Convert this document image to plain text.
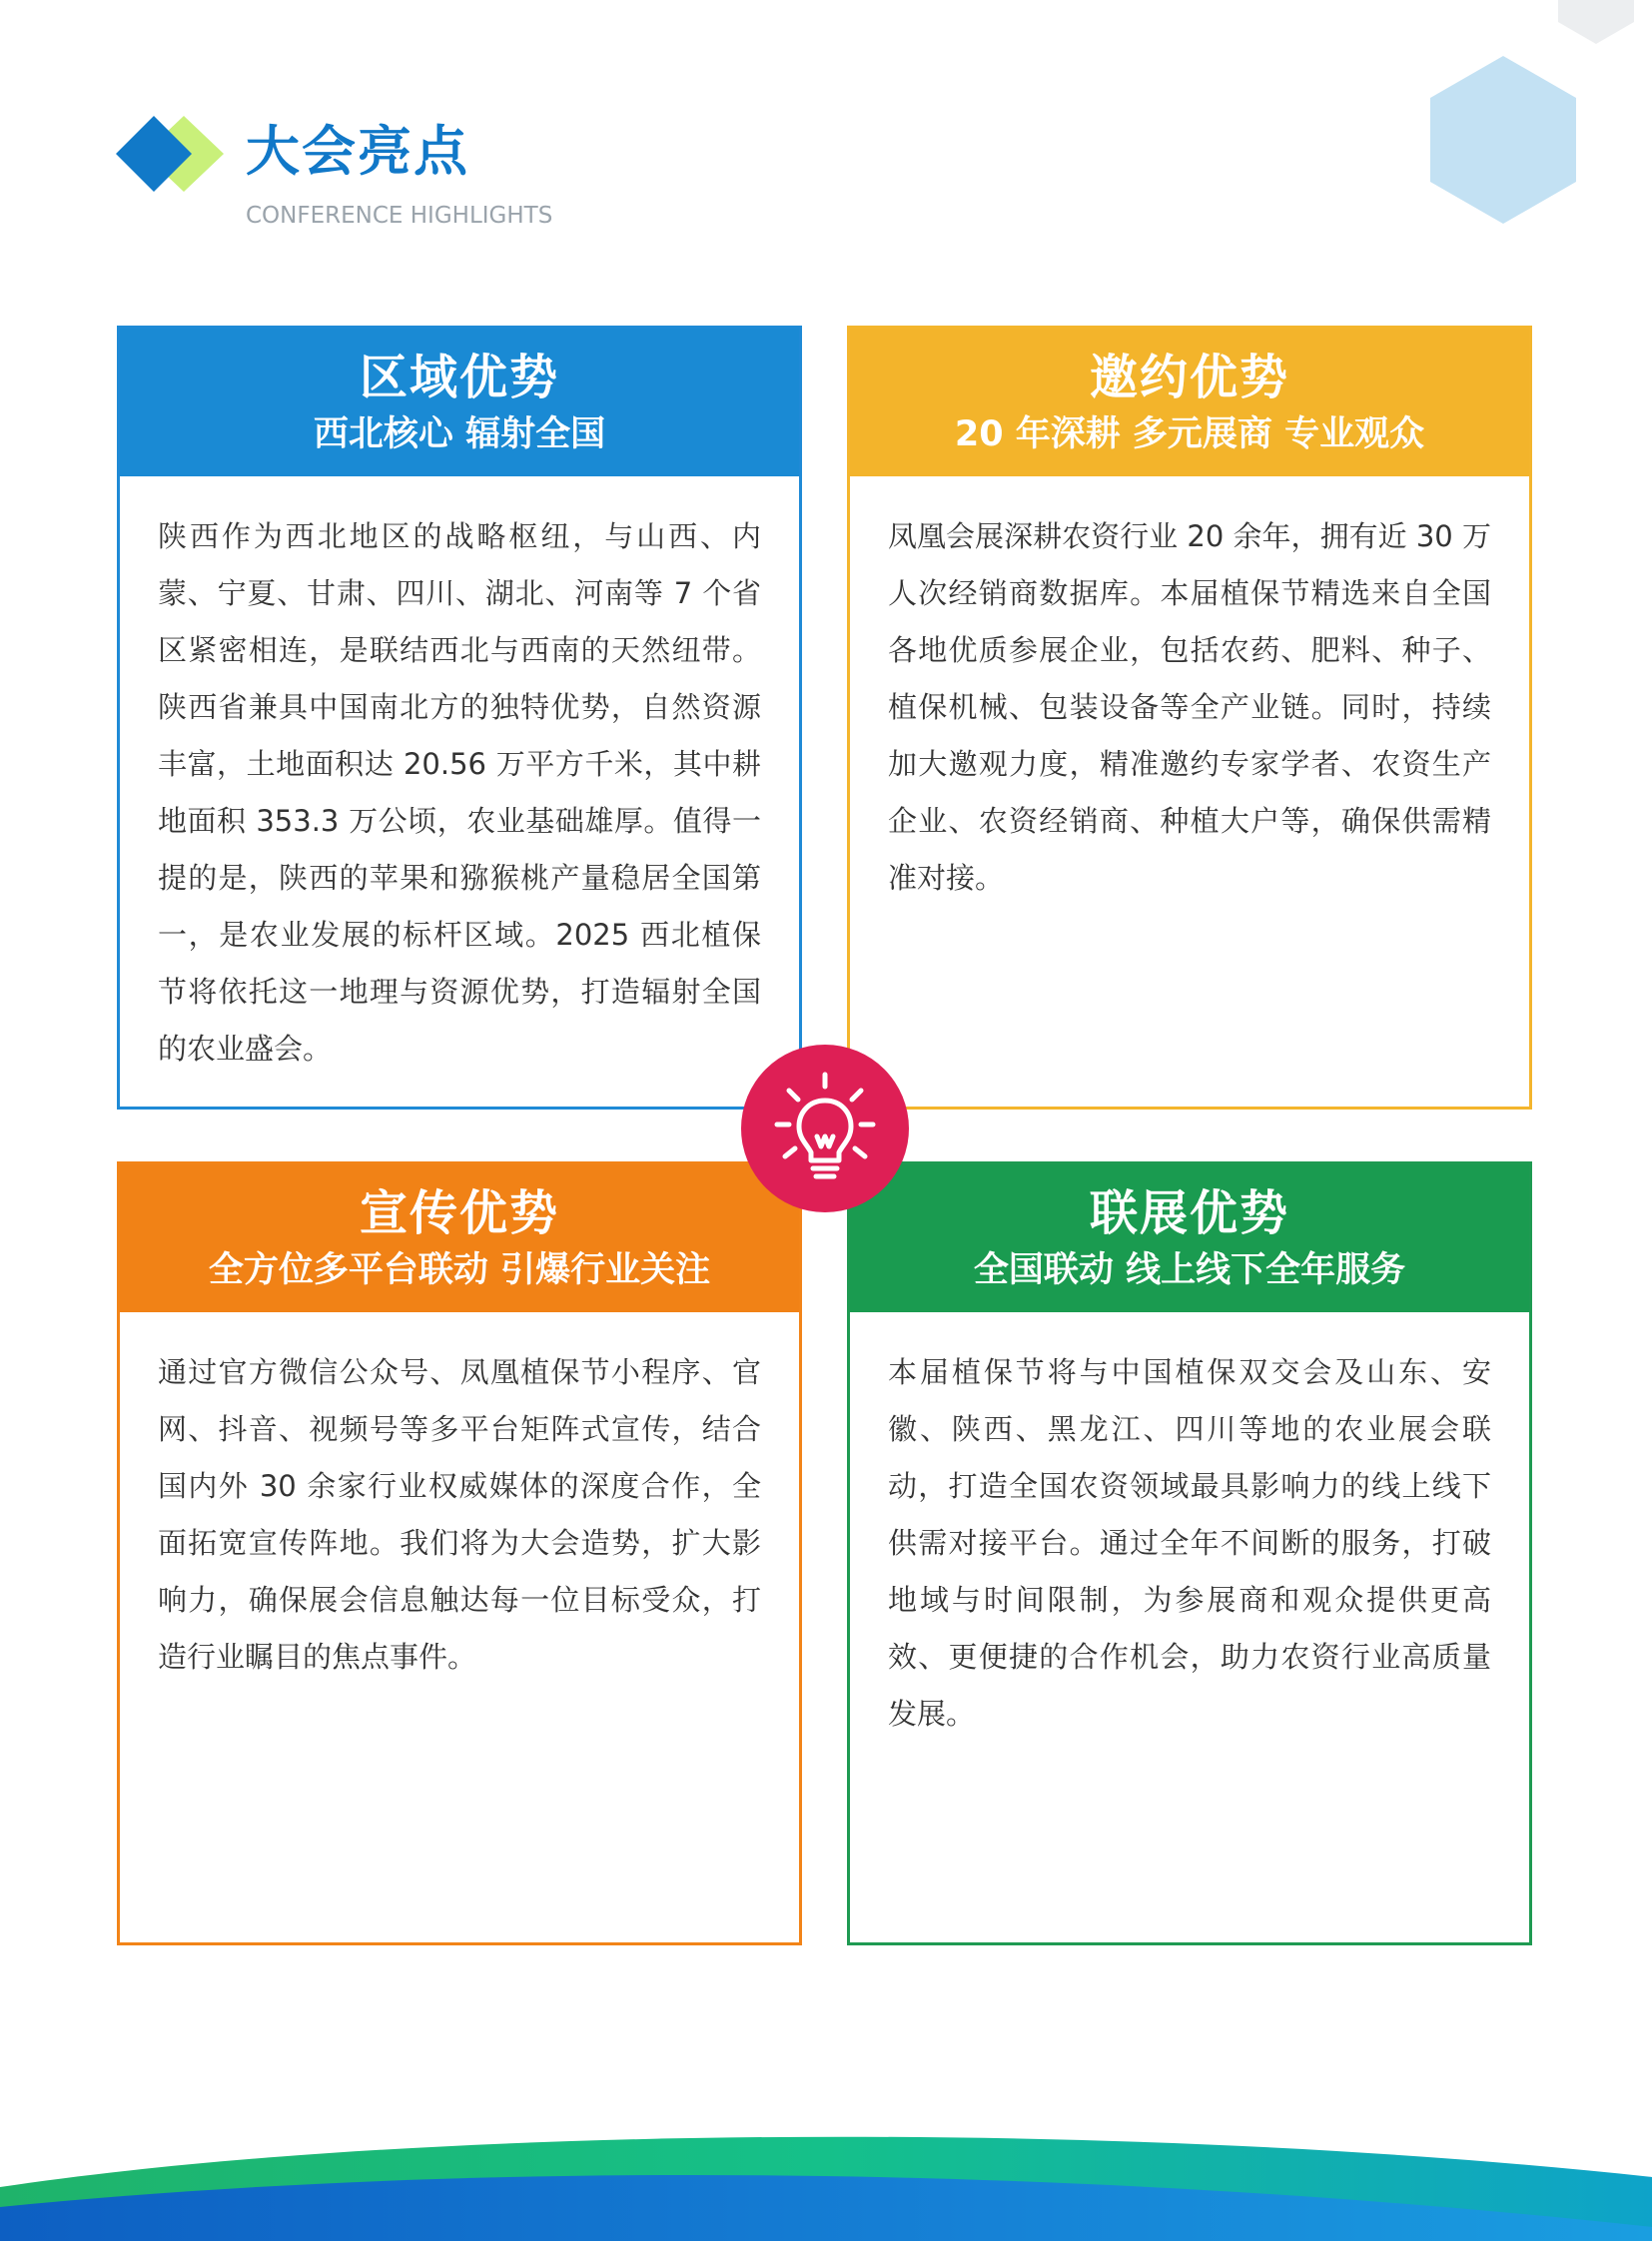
大会亮点
CONFERENCE HIGHLIGHTS
区域优势
西北核心 辐射全国
陕西作为西北地区的战略枢纽，与山西、内蒙、宁夏、甘肃、四川、湖北、河南等 7 个省区紧密相连，是联结西北与西南的天然纽带。陕西省兼具中国南北方的独特优势，自然资源丰富，土地面积达 20.56 万平方千米，其中耕地面积 353.3 万公顷，农业基础雄厚。值得一提的是，陕西的苹果和猕猴桃产量稳居全国第一，是农业发展的标杆区域。2025 西北植保节将依托这一地理与资源优势，打造辐射全国的农业盛会。
邀约优势
20 年深耕 多元展商 专业观众
凤凰会展深耕农资行业 20 余年，拥有近 30 万人次经销商数据库。本届植保节精选来自全国各地优质参展企业，包括农药、肥料、种子、植保机械、包装设备等全产业链。同时，持续加大邀观力度，精准邀约专家学者、农资生产企业、农资经销商、种植大户等，确保供需精准对接。
宣传优势
全方位多平台联动 引爆行业关注
通过官方微信公众号、凤凰植保节小程序、官网、抖音、视频号等多平台矩阵式宣传，结合国内外 30 余家行业权威媒体的深度合作，全面拓宽宣传阵地。我们将为大会造势，扩大影响力，确保展会信息触达每一位目标受众，打造行业瞩目的焦点事件。
联展优势
全国联动 线上线下全年服务
本届植保节将与中国植保双交会及山东、安徽、陕西、黑龙江、四川等地的农业展会联动，打造全国农资领域最具影响力的线上线下供需对接平台。通过全年不间断的服务，打破地域与时间限制，为参展商和观众提供更高效、更便捷的合作机会，助力农资行业高质量发展。
